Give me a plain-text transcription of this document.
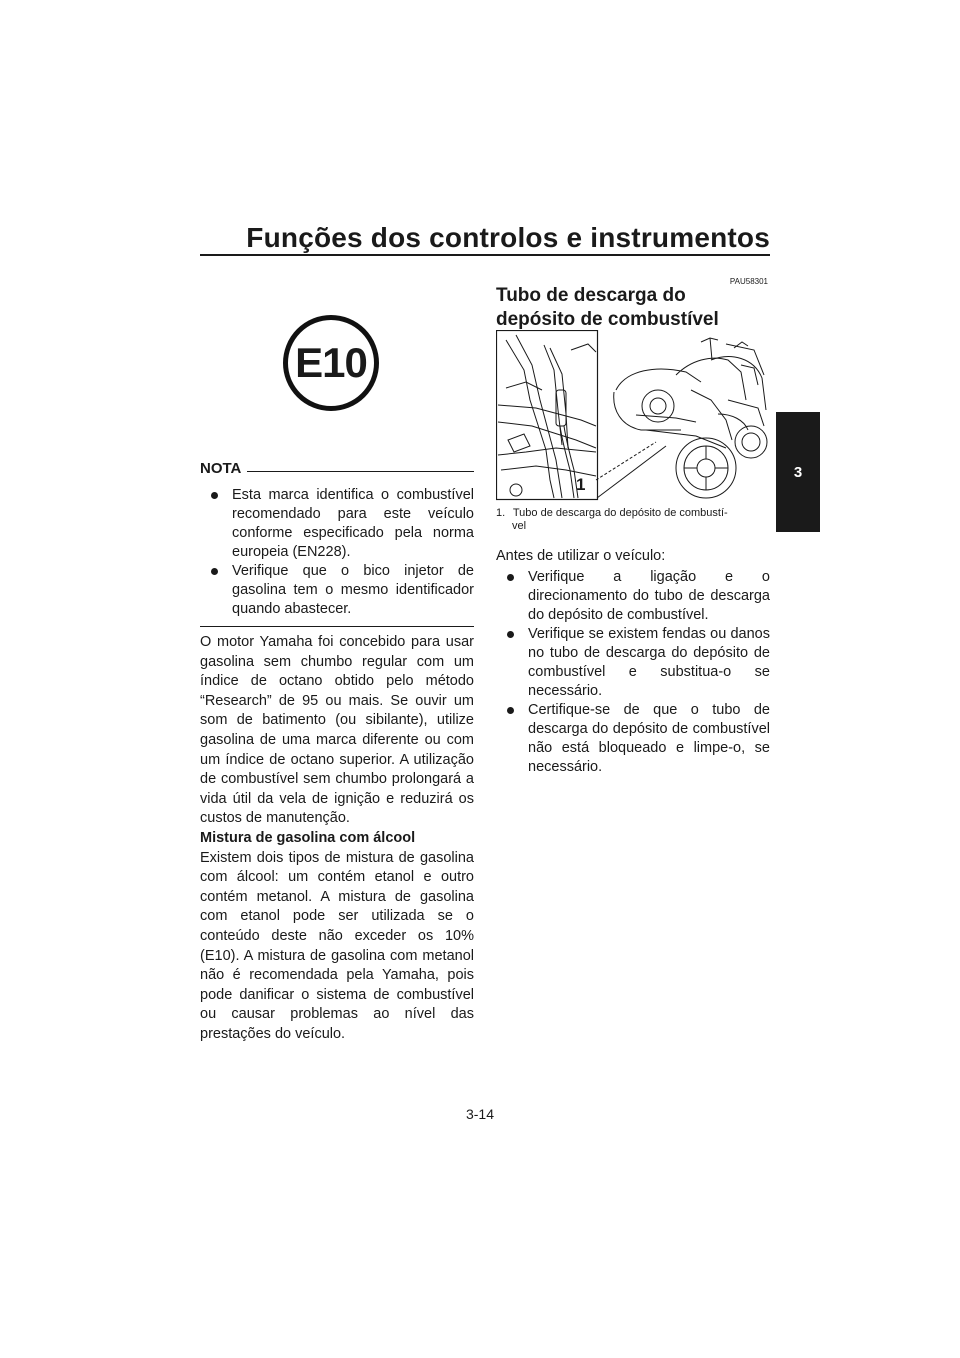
Funções dos controlos e instrumentos
3
E10
NOTA
Esta marca identifica o combustível recomendado para este veículo conforme especificado pela norma europeia (EN228).
Verifique que o bico injetor de gasolina tem o mesmo identificador quando abastecer.

O motor Yamaha foi concebido para usar gasolina sem chumbo regular com um índice de octano obtido pelo método “Research” de 95 ou mais. Se ouvir um som de batimento (ou sibilante), utilize gasolina de uma marca diferente ou com um índice de octano superior. A utilização de combustível sem chumbo prolongará a vida útil da vela de ignição e reduzirá os custos de manutenção.

Mistura de gasolina com álcool

Existem dois tipos de mistura de gasolina com álcool: um contém etanol e outro contém metanol. A mistura de gasolina com etanol pode ser utilizada se o conteúdo deste não exceder os 10% (E10). A mistura de gasolina com metanol não é recomendada pela Yamaha, pois pode danificar o sistema de combustível ou causar problemas ao nível das prestações do veículo.

PAU58301
Tubo de descarga do depósito de combustível
1
1. Tubo de descarga do depósito de combustí-
vel

Antes de utilizar o veículo:

Verifique a ligação e o direcionamento do tubo de descarga do depósito de combustível.
Verifique se existem fendas ou danos no tubo de descarga do depósito de combustível e substitua-o se necessário.
Certifique-se de que o tubo de descarga do depósito de combustível não está bloqueado e limpe-o, se necessário.
3-14
